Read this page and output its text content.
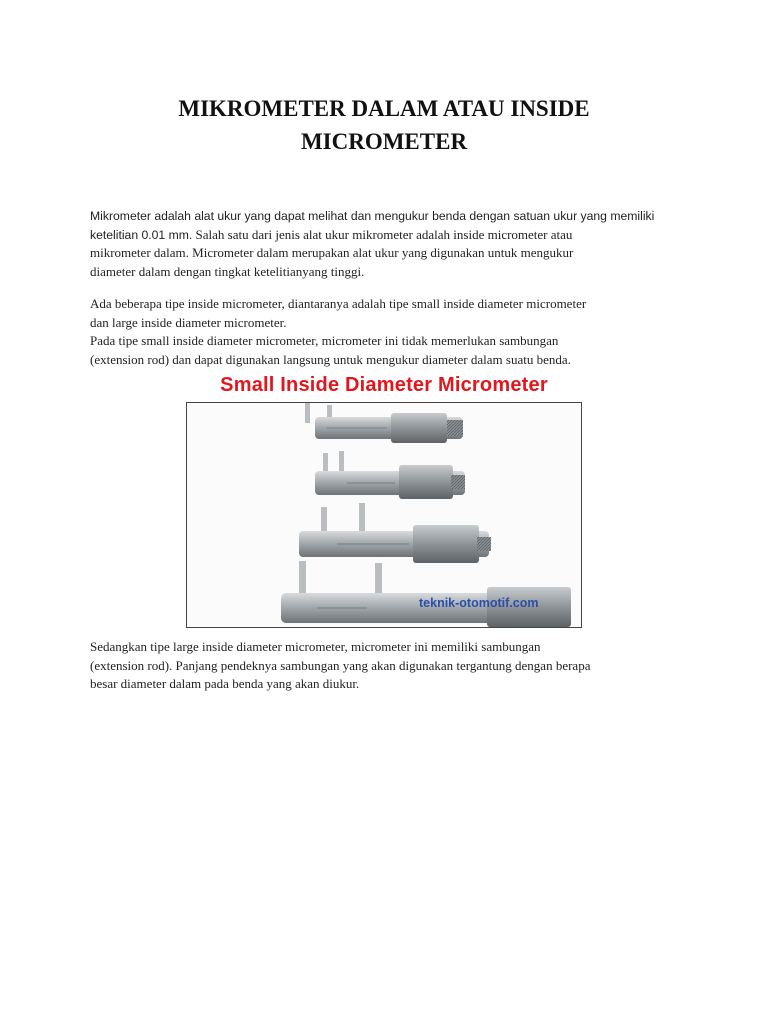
MIKROMETER DALAM ATAU INSIDE
MICROMETER
Mikrometer adalah alat ukur yang dapat melihat dan mengukur benda dengan satuan ukur yang memiliki
ketelitian 0.01 mm. Salah satu dari jenis alat ukur mikrometer adalah inside micrometer atau
mikrometer dalam. Micrometer dalam merupakan alat ukur yang digunakan untuk mengukur
diameter dalam dengan tingkat ketelitianyang tinggi.
Ada beberapa tipe inside micrometer, diantaranya adalah tipe small inside diameter micrometer
dan large inside diameter micrometer.
Pada tipe small inside diameter micrometer, micrometer ini tidak memerlukan sambungan
(extension rod) dan dapat digunakan langsung untuk mengukur diameter dalam suatu benda.
Small Inside Diameter Micrometer
teknik-otomotif.com
Sedangkan tipe large inside diameter micrometer, micrometer ini memiliki sambungan
(extension rod). Panjang pendeknya sambungan yang akan digunakan tergantung dengan berapa
besar diameter dalam pada benda yang akan diukur.
